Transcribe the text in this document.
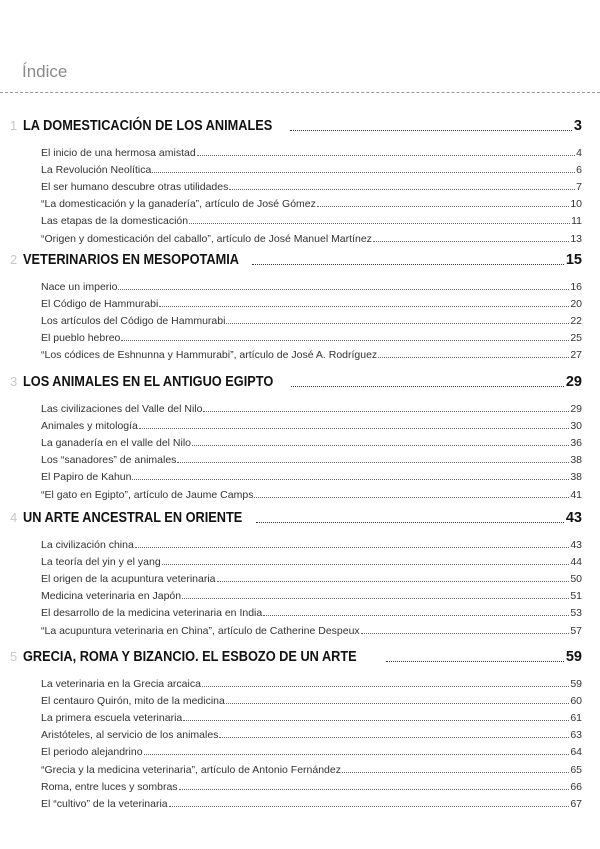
Índice
1 LA DOMESTICACIÓN DE LOS ANIMALES	3
El inicio de una hermosa amistad	4
La Revolución Neolítica	6
El ser humano descubre otras utilidades	7
“La domesticación y la ganadería”, artículo de José Gómez	10
Las etapas de la domesticación	11
“Origen y domesticación del caballo”, artículo de José Manuel Martínez	13
2 VETERINARIOS EN MESOPOTAMIA	15
Nace un imperio	16
El Código de Hammurabi	20
Los artículos del Código de Hammurabi	22
El pueblo hebreo	25
“Los códices de Eshnunna y Hammurabi”, artículo de José A. Rodríguez	27
3 LOS ANIMALES EN EL ANTIGUO EGIPTO	29
Las civilizaciones del Valle del Nilo	29
Animales y mitología	30
La ganadería en el valle del Nilo	36
Los “sanadores” de animales	38
El Papiro de Kahun	38
“El gato en Egipto”, artículo de Jaume Camps	41
4 UN ARTE ANCESTRAL EN ORIENTE	43
La civilización china	43
La teoría del yin y el yang	44
El origen de la acupuntura veterinaria	50
Medicina veterinaria en Japón	51
El desarrollo de la medicina veterinaria en India	53
“La acupuntura veterinaria en China”, artículo de Catherine Despeux	57
5 GRECIA, ROMA Y BIZANCIO. EL ESBOZO DE UN ARTE	59
La veterinaria en la Grecia arcaica	59
El centauro Quirón, mito de la medicina	60
La primera escuela veterinaria	61
Aristóteles, al servicio de los animales	63
El periodo alejandrino	64
“Grecia y la medicina veterinaria”, artículo de Antonio Fernández	65
Roma, entre luces y sombras	66
El “cultivo” de la veterinaria	67
